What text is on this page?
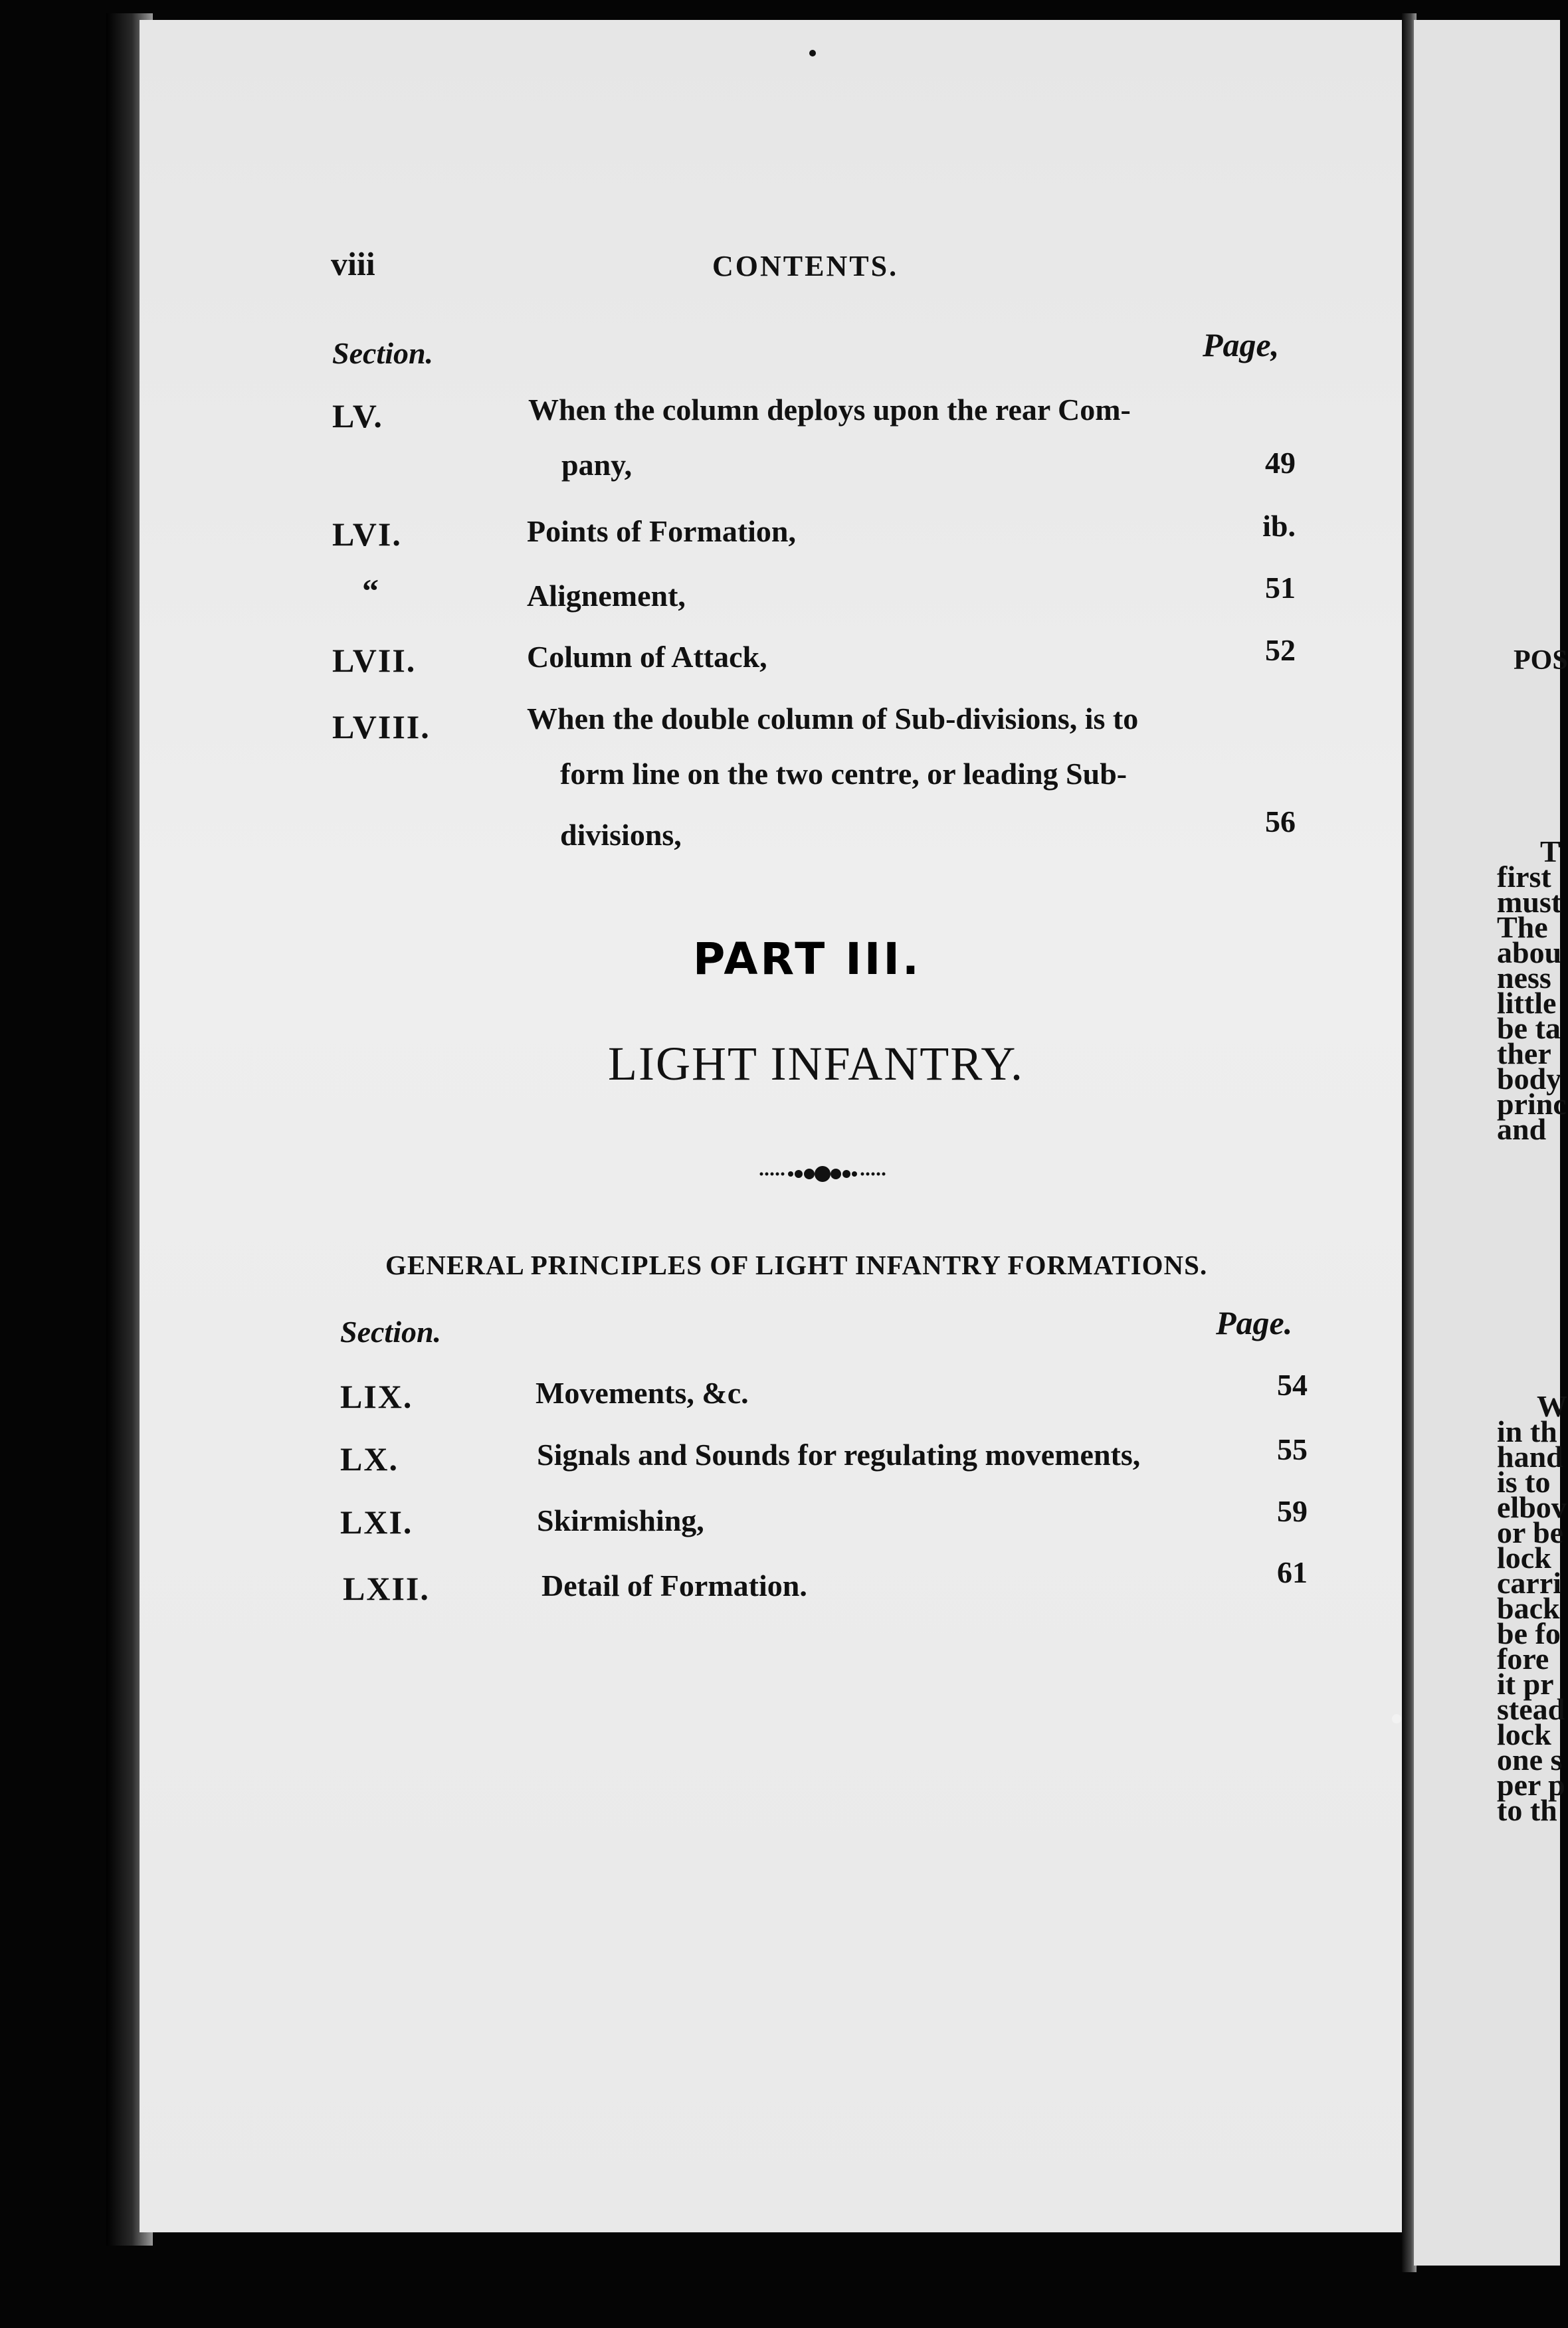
POS
T
first
must
The
abou
ness
little
be ta
ther
body
princ
and
W
in th
hand
is to
elbov
or be
lock
carri
back
be fo
fore
it pr
stead
lock
one s
per p
to th
viii	CONTENTS.
Section.	Page,
LV.	When the column deploys upon the rear Com-
pany,	49
LVI.	Points of Formation,	ib.
“	Alignement,	51
LVII.	Column of Attack,	52
LVIII.	When the double column of Sub-divisions, is to
form line on the two centre, or leading Sub-
divisions,	56
PART III.
LIGHT INFANTRY.
GENERAL PRINCIPLES OF LIGHT INFANTRY FORMATIONS.
Section.	Page.
LIX.	Movements, &c.	54
LX.	Signals and Sounds for regulating movements,	55
LXI.	Skirmishing,	59
LXII.	Detail of Formation.	61
